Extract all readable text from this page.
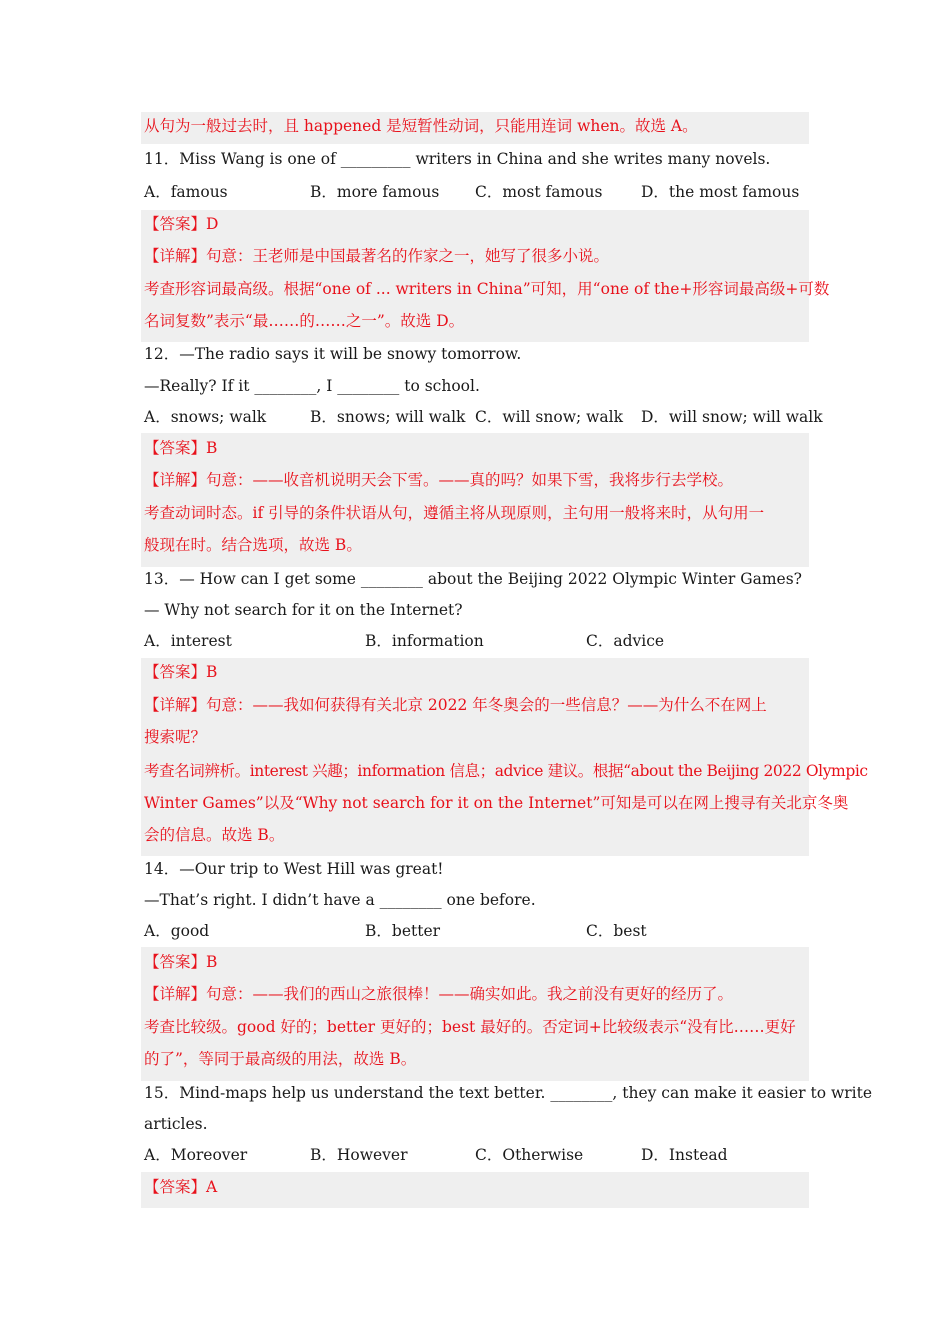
从句为一般过去时，且 happened 是短暂性动词，只能用连词 when。故选 A。
11．Miss Wang is one of _________ writers in China and she writes many novels.
A．famous	B．more famous C．most famous D．the most famous
【答案】D
【详解】句意：王老师是中国最著名的作家之一，她写了很多小说。
考查形容词最高级。根据“one of ... writers in China”可知，用“one of the+形容词最高级+可数
名词复数”表示“最……的……之一”。故选 D。
12．—The radio says it will be snowy tomorrow.
—Really? If it ________, I ________ to school.
A．snows; walk	B．snows; will walk C．will snow; walk D．will snow; will walk
【答案】B
【详解】句意：——收音机说明天会下雪。——真的吗？如果下雪，我将步行去学校。
考查动词时态。if 引导的条件状语从句，遵循主将从现原则，主句用一般将来时，从句用一
般现在时。结合选项，故选 B。
13．— How can I get some ________ about the Beijing 2022 Olympic Winter Games?
— Why not search for it on the Internet?
A．interest	B．information	C．advice
【答案】B
【详解】句意：——我如何获得有关北京 2022 年冬奥会的一些信息？——为什么不在网上
搜索呢？
考查名词辨析。interest 兴趣；information 信息；advice 建议。根据“about the Beijing 2022 Olympic
Winter Games”以及“Why not search for it on the Internet”可知是可以在网上搜寻有关北京冬奥
会的信息。故选 B。
14．—Our trip to West Hill was great!
—That’s right. I didn’t have a ________ one before.
A．good	B．better	C．best
【答案】B
【详解】句意：——我们的西山之旅很棒！——确实如此。我之前没有更好的经历了。
考查比较级。good 好的；better 更好的；best 最好的。否定词+比较级表示“没有比……更好
的了”，等同于最高级的用法，故选 B。
15．Mind-maps help us understand the text better. ________, they can make it easier to write
articles.
A．Moreover	B．However	C．Otherwise	D．Instead
【答案】A
